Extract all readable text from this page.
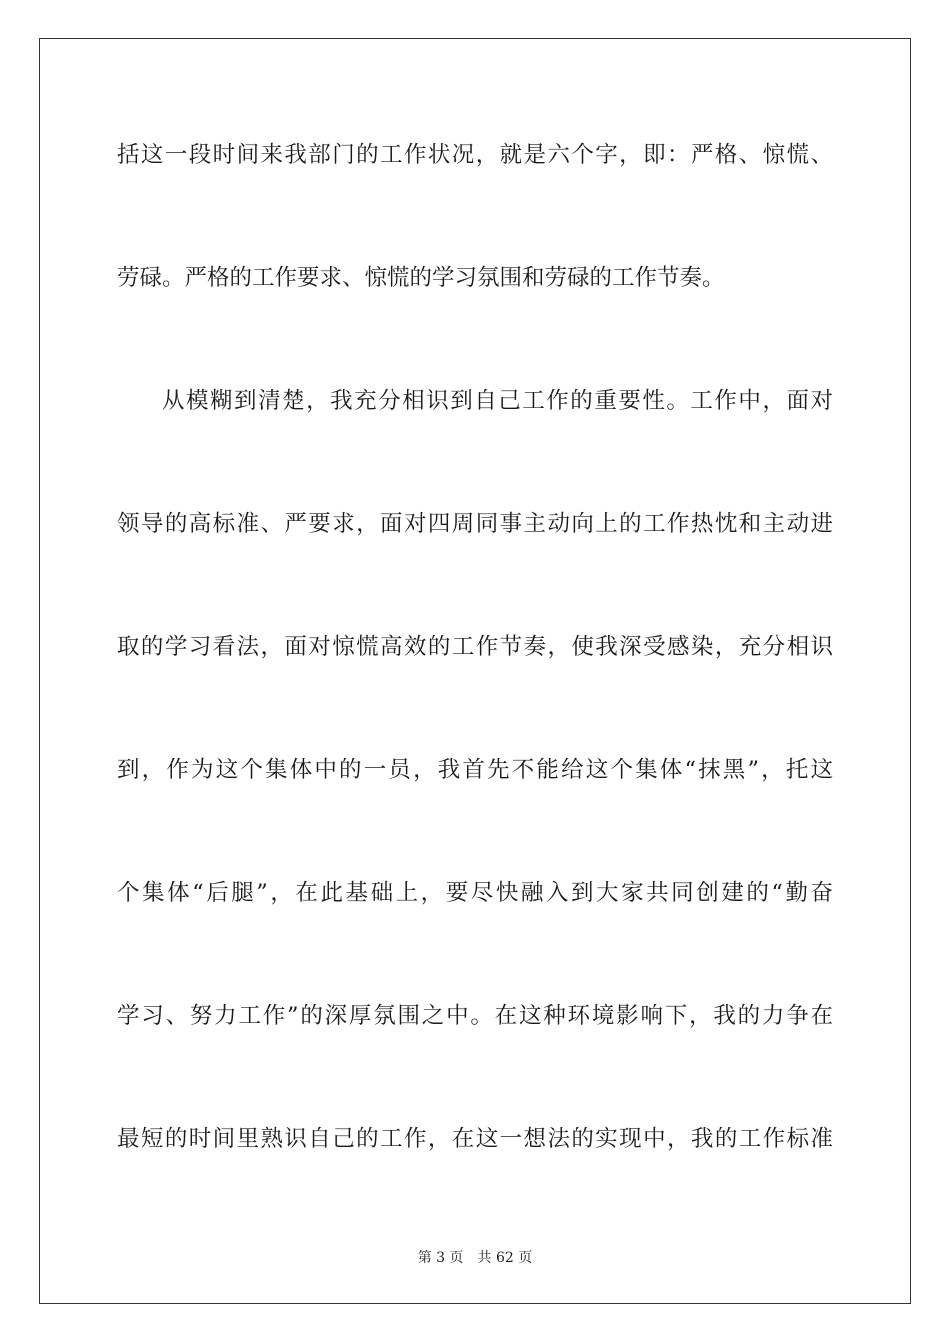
括这一段时间来我部门的工作状况，就是六个字，即：严格、惊慌、
劳碌。严格的工作要求、惊慌的学习氛围和劳碌的工作节奏。
从模糊到清楚，我充分相识到自己工作的重要性。工作中，面对
领导的高标准、严要求，面对四周同事主动向上的工作热忱和主动进
取的学习看法，面对惊慌高效的工作节奏，使我深受感染，充分相识
到，作为这个集体中的一员，我首先不能给这个集体“抹黑”，托这
个集体“后腿”，在此基础上，要尽快融入到大家共同创建的“勤奋
学习、努力工作”的深厚氛围之中。在这种环境影响下，我的力争在
最短的时间里熟识自己的工作，在这一想法的实现中，我的工作标准
第 3 页 共 62 页
